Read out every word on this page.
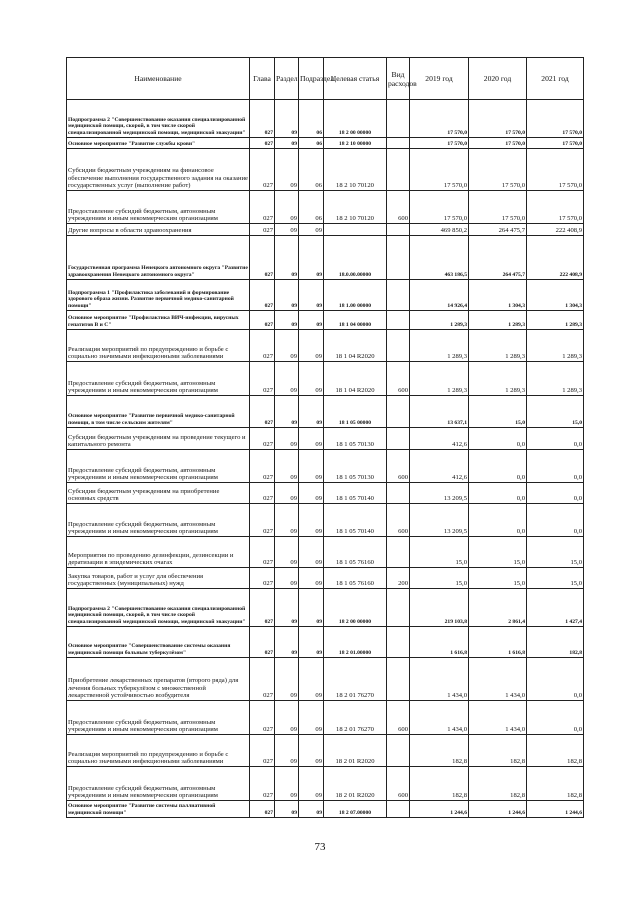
Наименование	Глава	Раздел	Подраздел	Целевая статья	Вид расходов	2019 год	2020 год	2021 год
Подпрограмма 2 "Совершенствование оказания специализированной медицинской помощи, скорой, в том числе скорой специализированной медицинской помощи, медицинской эвакуации"	027	09	06	18 2 00 00000		17 570,0	17 570,0	17 570,0
Основное мероприятие "Развитие службы крови"	027	09	06	18 2 10 00000		17 570,0	17 570,0	17 570,0
Субсидии бюджетным учреждениям на финансовое обеспечение выполнения государственного задания на оказание государственных услуг (выполнение работ)	027	09	06	18 2 10 70120		17 570,0	17 570,0	17 570,0
Предоставление субсидий бюджетным, автономным учреждениям и иным некоммерческим организациям	027	09	06	18 2 10 70120	600	17 570,0	17 570,0	17 570,0
Другие вопросы в области здравоохранения	027	09	09			469 850,2	264 475,7	222 408,9
Государственная программа Ненецкого автономного округа "Развитие здравоохранения Ненецкого автономного округа"	027	09	09	18.0.00.00000		463 186,5	264 475,7	222 408,9
Подпрограмма 1 "Профилактика заболеваний и формирование здорового образа жизни. Развитие первичной медико-санитарной помощи"	027	09	09	18 1.00 00000		14 926,4	1 304,3	1 304,3
Основное мероприятие "Профилактика ВИЧ-инфекции, вирусных гепатитов В и С"	027	09	09	18 1 04 00000		1 289,3	1 289,3	1 289,3
Реализация мероприятий по предупреждению и борьбе с социально значимыми инфекционными заболеваниями	027	09	09	18 1 04 R2020		1 289,3	1 289,3	1 289,3
Предоставление субсидий бюджетным, автономным учреждениям и иным некоммерческим организациям	027	09	09	18 1 04 R2020	600	1 289,3	1 289,3	1 289,3
Основное мероприятие "Развитие первичной медико-санитарной помощи, в том числе сельским жителям"	027	09	09	18 1 05 00000		13 637,1	15,0	15,0
Субсидии бюджетным учреждениям на проведение текущего и капитального ремонта	027	09	09	18 1 05 70130		412,6	0,0	0,0
Предоставление субсидий бюджетным, автономным учреждениям и иным некоммерческим организациям	027	09	09	18 1 05 70130	600	412,6	0,0	0,0
Субсидии бюджетным учреждениям на приобретение основных средств	027	09	09	18 1 05 70140		13 209,5	0,0	0,0
Предоставление субсидий бюджетным, автономным учреждениям и иным некоммерческим организациям	027	09	09	18 1 05 70140	600	13 209,5	0,0	0,0
Мероприятия по проведению дезинфекции, дезинсекции и дератизации в эпидемических очагах	027	09	09	18 1 05 76160		15,0	15,0	15,0
Закупка товаров, работ и услуг для обеспечения государственных (муниципальных) нужд	027	09	09	18 1 05 76160	200	15,0	15,0	15,0
Подпрограмма 2 "Совершенствование оказания специализированной медицинской помощи, скорой, в том числе скорой специализированной медицинской помощи, медицинской эвакуации"	027	09	09	18 2 00 00000		219 103,8	2 861,4	1 427,4
Основное мероприятие "Совершенствование системы оказания медицинской помощи больным туберкулёзом"	027	09	09	18 2 01.00000		1 616,8	1 616,8	182,8
Приобретение лекарственных препаратов (второго ряда) для лечения больных туберкулёзом с множественной лекарственной устойчивостью возбудителя	027	09	09	18 2 01 76270		1 434,0	1 434,0	0,0
Предоставление субсидий бюджетным, автономным учреждениям и иным некоммерческим организациям	027	09	09	18 2 01 76270	600	1 434,0	1 434,0	0,0
Реализация мероприятий по предупреждению и борьбе с социально значимыми инфекционными заболеваниями	027	09	09	18 2 01 R2020		182,8	182,8	182,8
Предоставление субсидий бюджетным, автономным учреждениям и иным некоммерческим организациям	027	09	09	18 2 01 R2020	600	182,8	182,8	182,8
Основное мероприятие "Развитие системы паллиативной медицинской помощи"	027	09	09	18 2 07.00000		1 244,6	1 244,6	1 244,6
73
